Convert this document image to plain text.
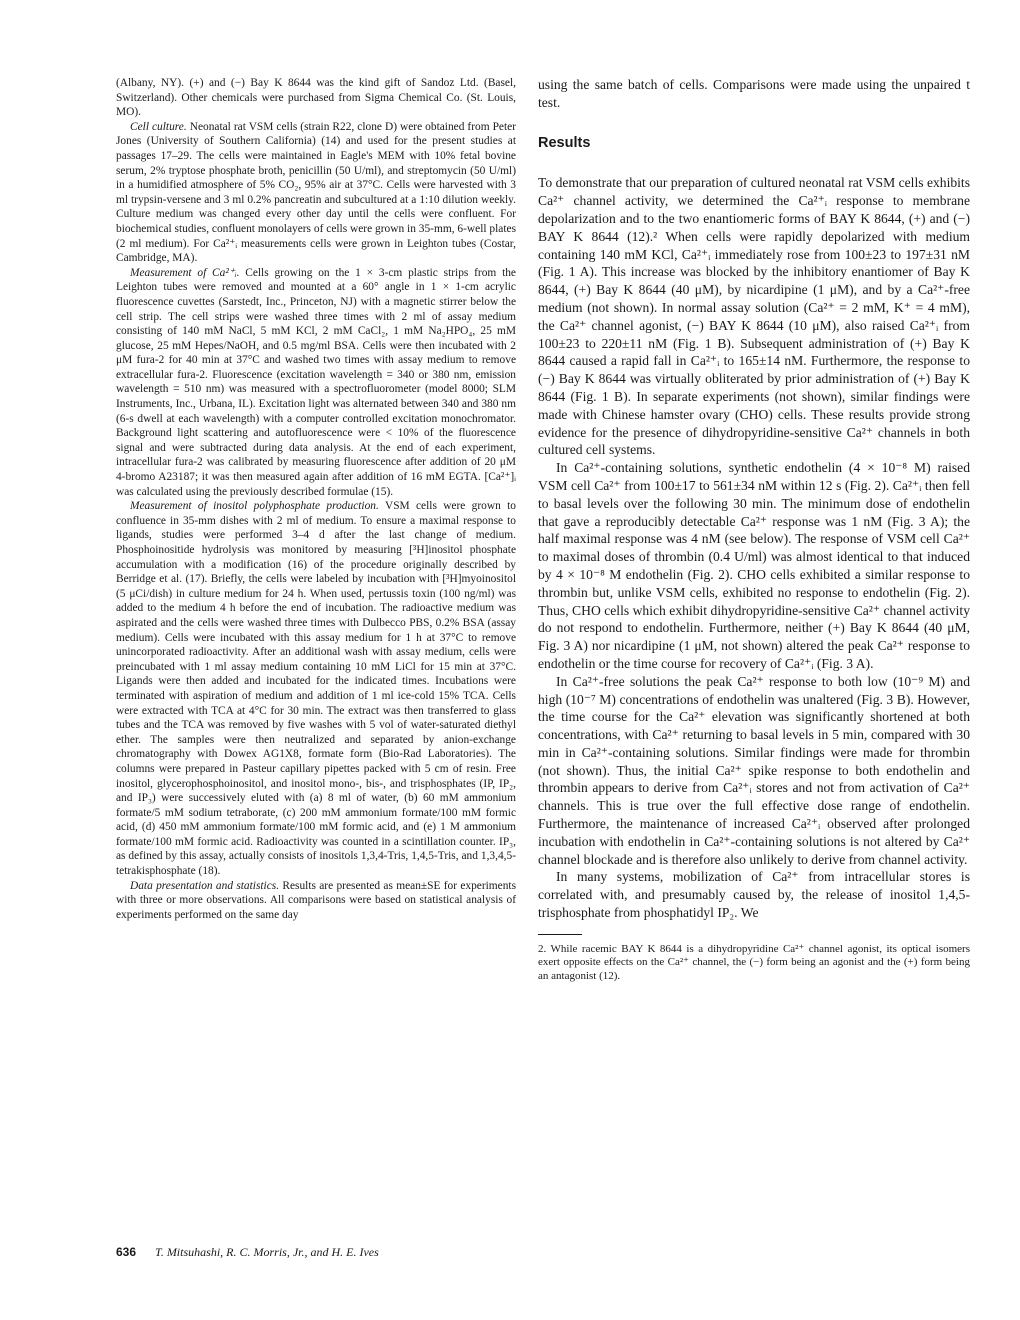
(Albany, NY). (+) and (−) Bay K 8644 was the kind gift of Sandoz Ltd. (Basel, Switzerland). Other chemicals were purchased from Sigma Chemical Co. (St. Louis, MO).

Cell culture. Neonatal rat VSM cells (strain R22, clone D) were obtained from Peter Jones (University of Southern California) (14) and used for the present studies at passages 17–29. The cells were maintained in Eagle's MEM with 10% fetal bovine serum, 2% tryptose phosphate broth, penicillin (50 U/ml), and streptomycin (50 U/ml) in a humidified atmosphere of 5% CO₂, 95% air at 37°C. Cells were harvested with 3 ml trypsin-versene and 3 ml 0.2% pancreatin and subcultured at a 1:10 dilution weekly. Culture medium was changed every other day until the cells were confluent. For biochemical studies, confluent monolayers of cells were grown in 35-mm, 6-well plates (2 ml medium). For Ca²⁺ᵢ measurements cells were grown in Leighton tubes (Costar, Cambridge, MA).

Measurement of Ca²⁺ᵢ. Cells growing on the 1 × 3-cm plastic strips from the Leighton tubes were removed and mounted at a 60° angle in 1 × 1-cm acrylic fluorescence cuvettes (Sarstedt, Inc., Princeton, NJ) with a magnetic stirrer below the cell strip. The cell strips were washed three times with 2 ml of assay medium consisting of 140 mM NaCl, 5 mM KCl, 2 mM CaCl₂, 1 mM Na₂HPO₄, 25 mM glucose, 25 mM Hepes/NaOH, and 0.5 mg/ml BSA. Cells were then incubated with 2 μM fura-2 for 40 min at 37°C and washed two times with assay medium to remove extracellular fura-2. Fluorescence (excitation wavelength = 340 or 380 nm, emission wavelength = 510 nm) was measured with a spectrofluorometer (model 8000; SLM Instruments, Inc., Urbana, IL). Excitation light was alternated between 340 and 380 nm (6-s dwell at each wavelength) with a computer controlled excitation monochromator. Background light scattering and autofluorescence were < 10% of the fluorescence signal and were subtracted during data analysis. At the end of each experiment, intracellular fura-2 was calibrated by measuring fluorescence after addition of 20 μM 4-bromo A23187; it was then measured again after addition of 16 mM EGTA. [Ca²⁺]ᵢ was calculated using the previously described formulae (15).

Measurement of inositol polyphosphate production. VSM cells were grown to confluence in 35-mm dishes with 2 ml of medium. To ensure a maximal response to ligands, studies were performed 3–4 d after the last change of medium. Phosphoinositide hydrolysis was monitored by measuring [³H]inositol phosphate accumulation with a modification (16) of the procedure originally described by Berridge et al. (17). Briefly, the cells were labeled by incubation with [³H]myoinositol (5 μCi/dish) in culture medium for 24 h. When used, pertussis toxin (100 ng/ml) was added to the medium 4 h before the end of incubation. The radioactive medium was aspirated and the cells were washed three times with Dulbecco PBS, 0.2% BSA (assay medium). Cells were incubated with this assay medium for 1 h at 37°C to remove unincorporated radioactivity. After an additional wash with assay medium, cells were preincubated with 1 ml assay medium containing 10 mM LiCl for 15 min at 37°C. Ligands were then added and incubated for the indicated times. Incubations were terminated with aspiration of medium and addition of 1 ml ice-cold 15% TCA. Cells were extracted with TCA at 4°C for 30 min. The extract was then transferred to glass tubes and the TCA was removed by five washes with 5 vol of water-saturated diethyl ether. The samples were then neutralized and separated by anion-exchange chromatography with Dowex AG1X8, formate form (Bio-Rad Laboratories). The columns were prepared in Pasteur capillary pipettes packed with 5 cm of resin. Free inositol, glycerophosphoinositol, and inositol mono-, bis-, and trisphosphates (IP, IP₂, and IP₃) were successively eluted with (a) 8 ml of water, (b) 60 mM ammonium formate/5 mM sodium tetraborate, (c) 200 mM ammonium formate/100 mM formic acid, (d) 450 mM ammonium formate/100 mM formic acid, and (e) 1 M ammonium formate/100 mM formic acid. Radioactivity was counted in a scintillation counter. IP₃, as defined by this assay, actually consists of inositols 1,3,4-Tris, 1,4,5-Tris, and 1,3,4,5-tetrakisphosphate (18).

Data presentation and statistics. Results are presented as mean±SE for experiments with three or more observations. All comparisons were based on statistical analysis of experiments performed on the same day

using the same batch of cells. Comparisons were made using the unpaired t test.

Results

To demonstrate that our preparation of cultured neonatal rat VSM cells exhibits Ca²⁺ channel activity, we determined the Ca²⁺ᵢ response to membrane depolarization and to the two enantiomeric forms of BAY K 8644, (+) and (−) BAY K 8644 (12).² When cells were rapidly depolarized with medium containing 140 mM KCl, Ca²⁺ᵢ immediately rose from 100±23 to 197±31 nM (Fig. 1 A). This increase was blocked by the inhibitory enantiomer of Bay K 8644, (+) Bay K 8644 (40 μM), by nicardipine (1 μM), and by a Ca²⁺-free medium (not shown). In normal assay solution (Ca²⁺ = 2 mM, K⁺ = 4 mM), the Ca²⁺ channel agonist, (−) BAY K 8644 (10 μM), also raised Ca²⁺ᵢ from 100±23 to 220±11 nM (Fig. 1 B). Subsequent administration of (+) Bay K 8644 caused a rapid fall in Ca²⁺ᵢ to 165±14 nM. Furthermore, the response to (−) Bay K 8644 was virtually obliterated by prior administration of (+) Bay K 8644 (Fig. 1 B). In separate experiments (not shown), similar findings were made with Chinese hamster ovary (CHO) cells. These results provide strong evidence for the presence of dihydropyridine-sensitive Ca²⁺ channels in both cultured cell systems.

In Ca²⁺-containing solutions, synthetic endothelin (4 × 10⁻⁸ M) raised VSM cell Ca²⁺ from 100±17 to 561±34 nM within 12 s (Fig. 2). Ca²⁺ᵢ then fell to basal levels over the following 30 min. The minimum dose of endothelin that gave a reproducibly detectable Ca²⁺ response was 1 nM (Fig. 3 A); the half maximal response was 4 nM (see below). The response of VSM cell Ca²⁺ to maximal doses of thrombin (0.4 U/ml) was almost identical to that induced by 4 × 10⁻⁸ M endothelin (Fig. 2). CHO cells exhibited a similar response to thrombin but, unlike VSM cells, exhibited no response to endothelin (Fig. 2). Thus, CHO cells which exhibit dihydropyridine-sensitive Ca²⁺ channel activity do not respond to endothelin. Furthermore, neither (+) Bay K 8644 (40 μM, Fig. 3 A) nor nicardipine (1 μM, not shown) altered the peak Ca²⁺ response to endothelin or the time course for recovery of Ca²⁺ᵢ (Fig. 3 A).

In Ca²⁺-free solutions the peak Ca²⁺ response to both low (10⁻⁹ M) and high (10⁻⁷ M) concentrations of endothelin was unaltered (Fig. 3 B). However, the time course for the Ca²⁺ elevation was significantly shortened at both concentrations, with Ca²⁺ returning to basal levels in 5 min, compared with 30 min in Ca²⁺-containing solutions. Similar findings were made for thrombin (not shown). Thus, the initial Ca²⁺ spike response to both endothelin and thrombin appears to derive from Ca²⁺ᵢ stores and not from activation of Ca²⁺ channels. This is true over the full effective dose range of endothelin. Furthermore, the maintenance of increased Ca²⁺ᵢ observed after prolonged incubation with endothelin in Ca²⁺-containing solutions is not altered by Ca²⁺ channel blockade and is therefore also unlikely to derive from channel activity.

In many systems, mobilization of Ca²⁺ from intracellular stores is correlated with, and presumably caused by, the release of inositol 1,4,5-trisphosphate from phosphatidyl IP₂. We

2. While racemic BAY K 8644 is a dihydropyridine Ca²⁺ channel agonist, its optical isomers exert opposite effects on the Ca²⁺ channel, the (−) form being an agonist and the (+) form being an antagonist (12).

636 T. Mitsuhashi, R. C. Morris, Jr., and H. E. Ives
